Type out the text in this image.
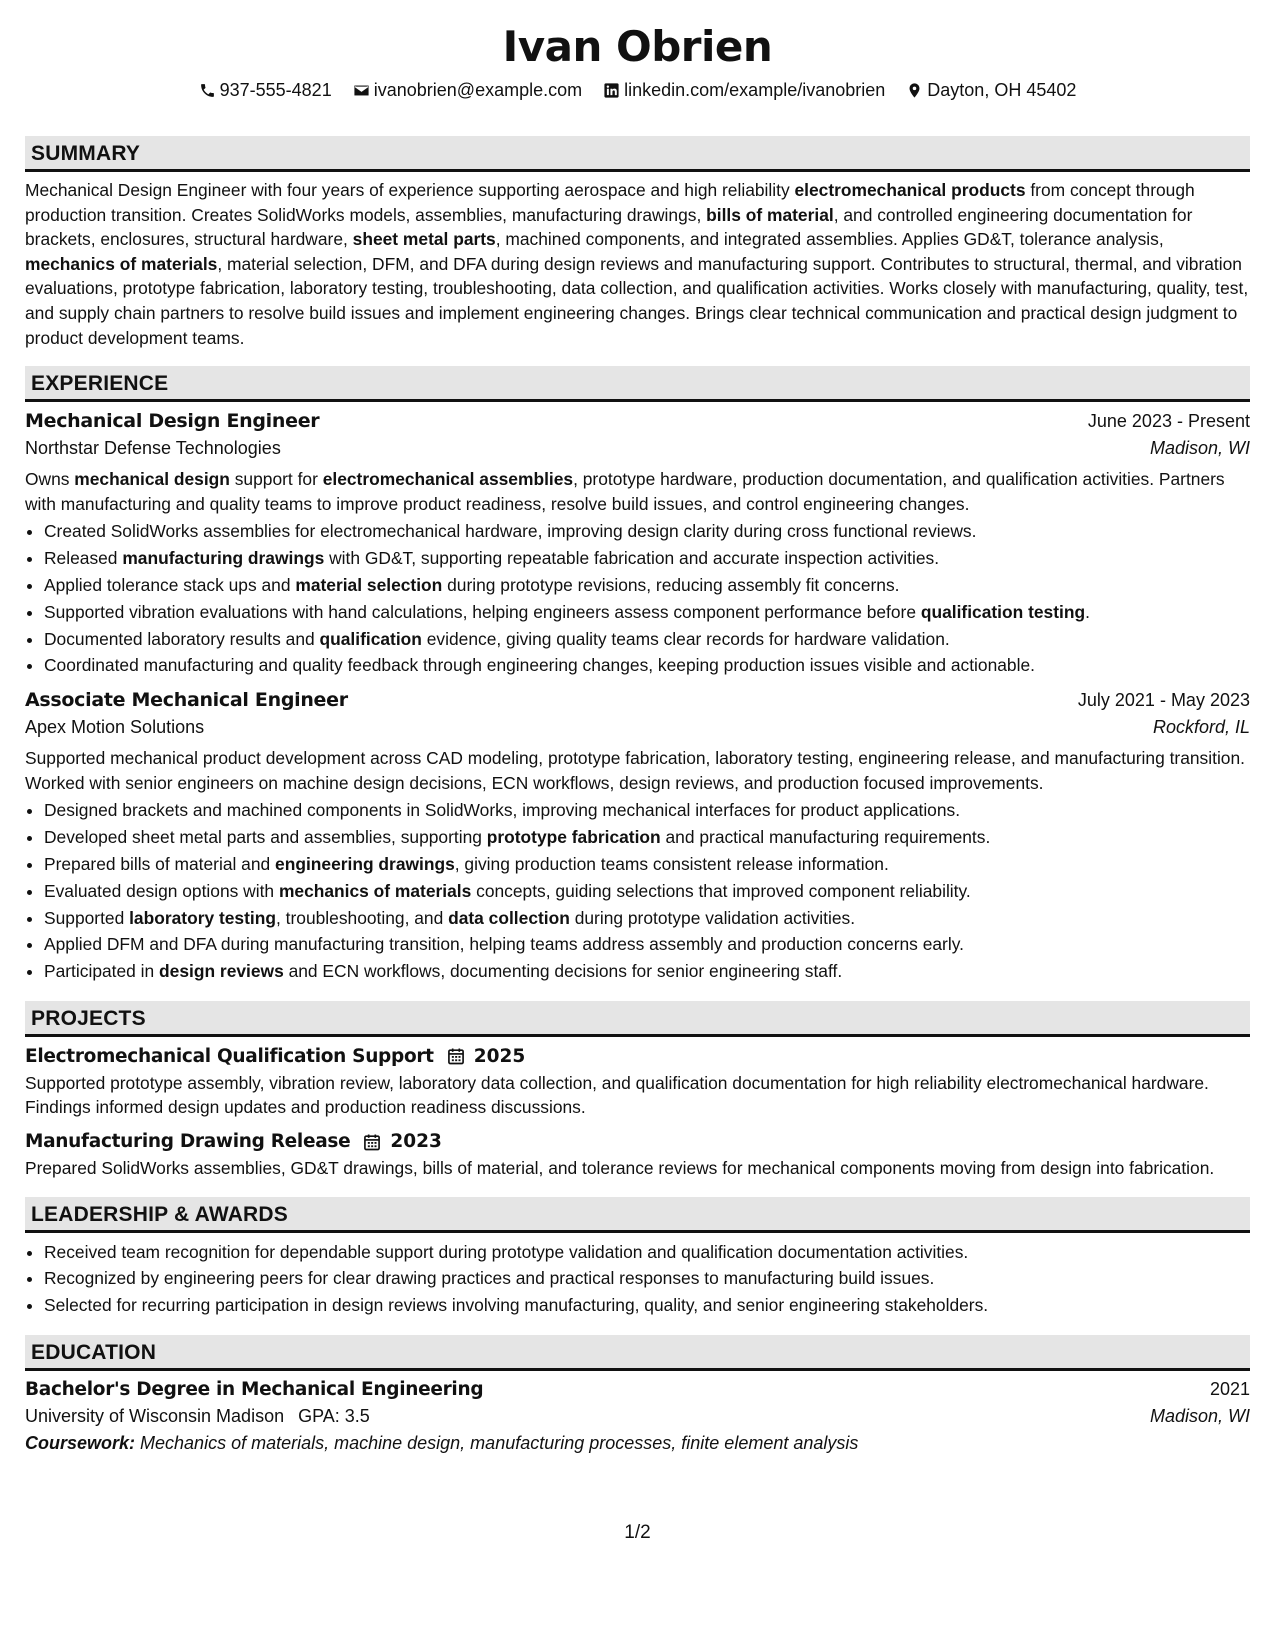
Ivan Obrien
937-555-4821
ivanobrien@example.com
linkedin.com/example/ivanobrien
Dayton, OH 45402
SUMMARY
Mechanical Design Engineer with four years of experience supporting aerospace and high reliability electromechanical products from concept through production transition. Creates SolidWorks models, assemblies, manufacturing drawings, bills of material, and controlled engineering documentation for brackets, enclosures, structural hardware, sheet metal parts, machined components, and integrated assemblies. Applies GD&T, tolerance analysis, mechanics of materials, material selection, DFM, and DFA during design reviews and manufacturing support. Contributes to structural, thermal, and vibration evaluations, prototype fabrication, laboratory testing, troubleshooting, data collection, and qualification activities. Works closely with manufacturing, quality, test, and supply chain partners to resolve build issues and implement engineering changes. Brings clear technical communication and practical design judgment to product development teams.
EXPERIENCE
Mechanical Design Engineer	June 2023 - Present
Northstar Defense Technologies	Madison, WI
Owns mechanical design support for electromechanical assemblies, prototype hardware, production documentation, and qualification activities. Partners with manufacturing and quality teams to improve product readiness, resolve build issues, and control engineering changes.
• Created SolidWorks assemblies for electromechanical hardware, improving design clarity during cross functional reviews.
• Released manufacturing drawings with GD&T, supporting repeatable fabrication and accurate inspection activities.
• Applied tolerance stack ups and material selection during prototype revisions, reducing assembly fit concerns.
• Supported vibration evaluations with hand calculations, helping engineers assess component performance before qualification testing.
• Documented laboratory results and qualification evidence, giving quality teams clear records for hardware validation.
• Coordinated manufacturing and quality feedback through engineering changes, keeping production issues visible and actionable.
Associate Mechanical Engineer	July 2021 - May 2023
Apex Motion Solutions	Rockford, IL
Supported mechanical product development across CAD modeling, prototype fabrication, laboratory testing, engineering release, and manufacturing transition. Worked with senior engineers on machine design decisions, ECN workflows, design reviews, and production focused improvements.
• Designed brackets and machined components in SolidWorks, improving mechanical interfaces for product applications.
• Developed sheet metal parts and assemblies, supporting prototype fabrication and practical manufacturing requirements.
• Prepared bills of material and engineering drawings, giving production teams consistent release information.
• Evaluated design options with mechanics of materials concepts, guiding selections that improved component reliability.
• Supported laboratory testing, troubleshooting, and data collection during prototype validation activities.
• Applied DFM and DFA during manufacturing transition, helping teams address assembly and production concerns early.
• Participated in design reviews and ECN workflows, documenting decisions for senior engineering staff.
PROJECTS
Electromechanical Qualification Support 2025
Supported prototype assembly, vibration review, laboratory data collection, and qualification documentation for high reliability electromechanical hardware. Findings informed design updates and production readiness discussions.
Manufacturing Drawing Release 2023
Prepared SolidWorks assemblies, GD&T drawings, bills of material, and tolerance reviews for mechanical components moving from design into fabrication.
LEADERSHIP & AWARDS
• Received team recognition for dependable support during prototype validation and qualification documentation activities.
• Recognized by engineering peers for clear drawing practices and practical responses to manufacturing build issues.
• Selected for recurring participation in design reviews involving manufacturing, quality, and senior engineering stakeholders.
EDUCATION
Bachelor's Degree in Mechanical Engineering	2021
University of Wisconsin Madison GPA: 3.5	Madison, WI
Coursework: Mechanics of materials, machine design, manufacturing processes, finite element analysis
1/2
